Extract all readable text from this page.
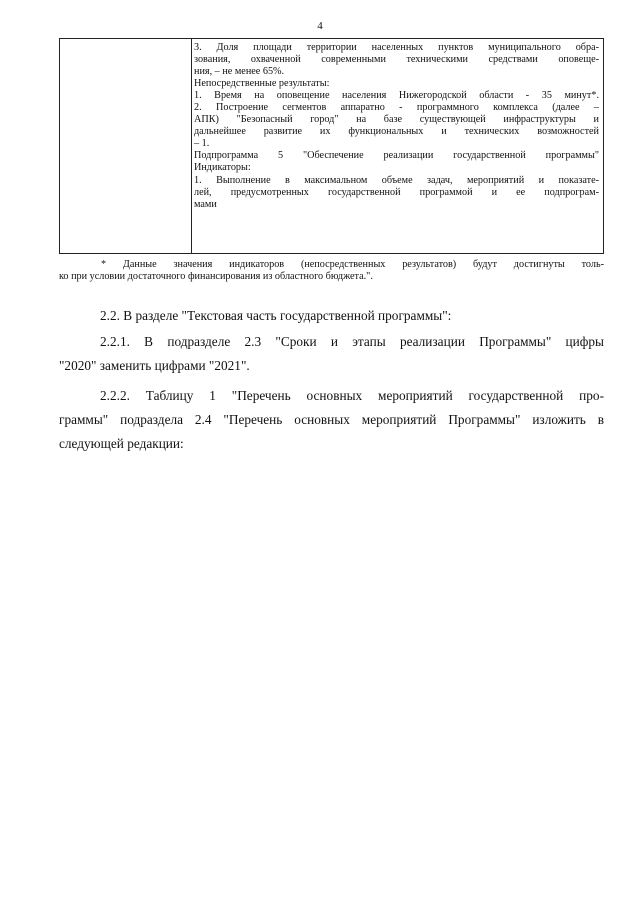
4
3. Доля площади территории населенных пунктов муниципального обра-
зования, охваченной современными техническими средствами оповеще-
ния, – не менее 65%.
Непосредственные результаты:
1. Время на оповещение населения Нижегородской области - 35 минут*.
2. Построение сегментов аппаратно - программного комплекса (далее –
АПК) "Безопасный город" на базе существующей инфраструктуры и
дальнейшее развитие их функциональных и технических возможностей
– 1.
Подпрограмма 5 "Обеспечение реализации государственной программы"
Индикаторы:
1. Выполнение в максимальном объеме задач, мероприятий и показате-
лей, предусмотренных государственной программой и ее подпрограм-
мами
* Данные значения индикаторов (непосредственных результатов) будут достигнуты толь-
ко при условии достаточного финансирования из областного бюджета.".
2.2. В разделе "Текстовая часть государственной программы":
2.2.1. В подразделе 2.3 "Сроки и этапы реализации Программы" цифры
"2020" заменить цифрами "2021".
2.2.2. Таблицу 1 "Перечень основных мероприятий государственной про-
граммы" подраздела 2.4 "Перечень основных мероприятий Программы" изложить в
следующей редакции:
